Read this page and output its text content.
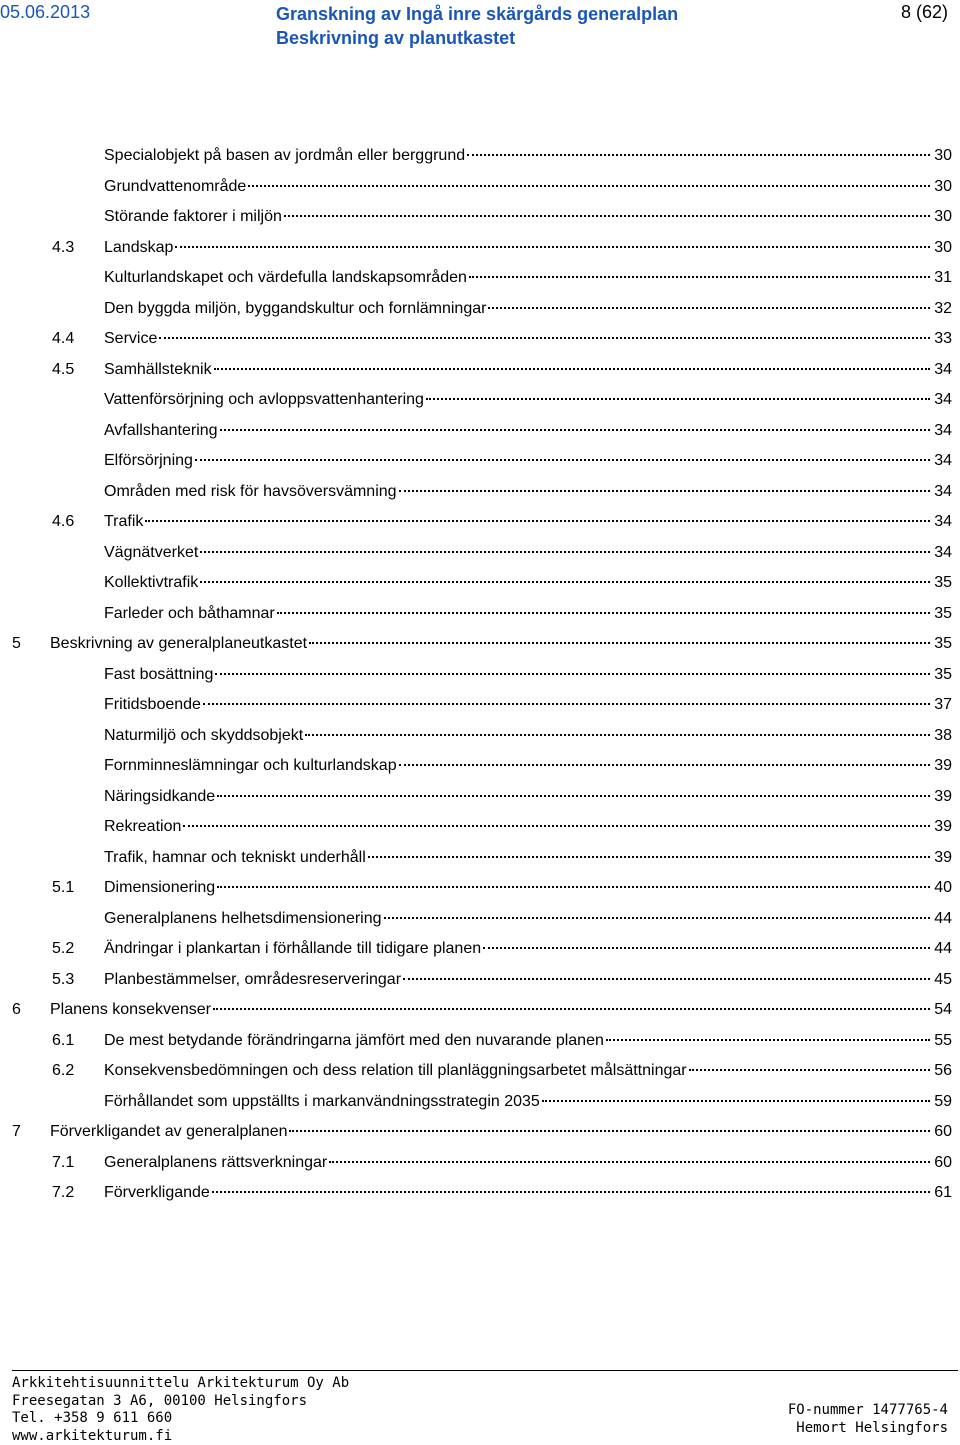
05.06.2013	Granskning av Ingå inre skärgårds generalplan
Beskrivning av planutkastet
8 (62)
Specialobjekt på basen av jordmån eller berggrund	30
Grundvattenområde	30
Störande faktorer i miljön	30
4.3 Landskap	30
Kulturlandskapet och värdefulla landskapsområden	31
Den byggda miljön, byggandskultur och fornlämningar	32
4.4 Service	33
4.5 Samhällsteknik	34
Vattenförsörjning och avloppsvattenhantering	34
Avfallshantering	34
Elförsörjning	34
Områden med risk för havsöversvämning	34
4.6 Trafik	34
Vägnätverket	34
Kollektivtrafik	35
Farleder och båthamnar	35
5 Beskrivning av generalplaneutkastet	35
Fast bosättning	35
Fritidsboende	37
Naturmiljö och skyddsobjekt	38
Fornminneslämningar och kulturlandskap	39
Näringsidkande	39
Rekreation	39
Trafik, hamnar och tekniskt underhåll	39
5.1 Dimensionering	40
Generalplanens helhetsdimensionering	44
5.2 Ändringar i plankartan i förhållande till tidigare planen	44
5.3 Planbestämmelser, områdesreserveringar	45
6 Planens konsekvenser	54
6.1 De mest betydande förändringarna jämfört med den nuvarande planen	55
6.2 Konsekvensbedömningen och dess relation till planläggningsarbetet målsättningar	56
Förhållandet som uppställts i markanvändningsstrategin 2035	59
7 Förverkligandet av generalplanen	60
7.1 Generalplanens rättsverkningar	60
7.2 Förverkligande	61
Arkkitehtisuunnittelu Arkitekturum Oy Ab
Freesegatan 3 A6, 00100 Helsingfors
Tel. +358 9 611 660
www.arkitekturum.fi
FO-nummer 1477765-4
Hemort Helsingfors
